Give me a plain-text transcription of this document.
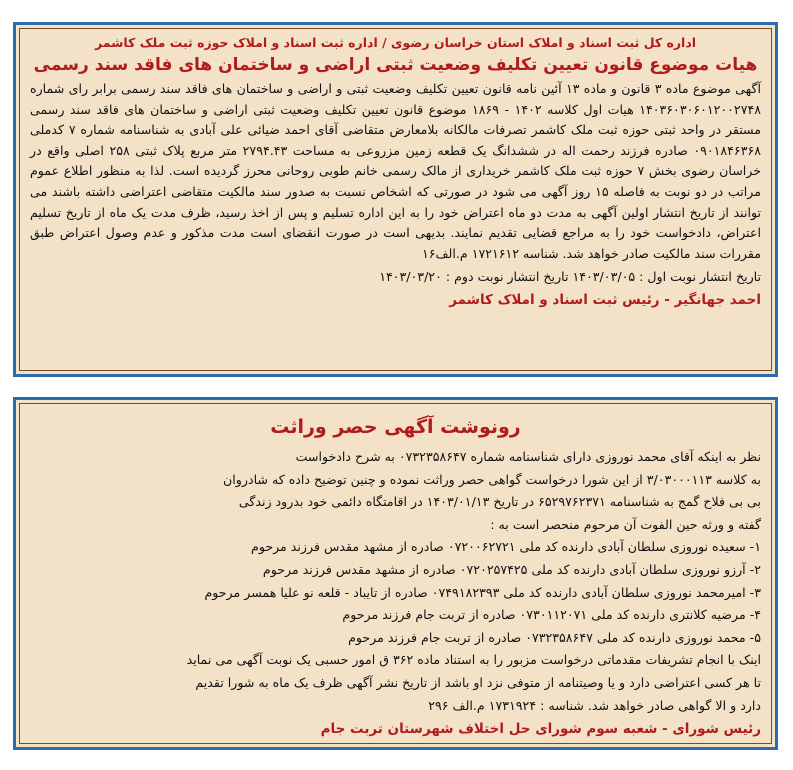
اداره کل ثبت اسناد و املاک استان خراسان رضوی / اداره ثبت اسناد و املاک حوزه ثبت ملک کاشمر
هیات موضوع قانون تعیین تکلیف وضعیت ثبتی اراضی و ساختمان های فاقد سند رسمی

آگهی موضوع ماده ۳ قانون و ماده ۱۳ آئین نامه قانون تعیین تکلیف وضعیت ثبتی و اراضی و ساختمان های فاقد سند رسمی برابر رای شماره ۱۴۰۳۶۰۳۰۶۰۱۲۰۰۲۷۴۸ هیات اول کلاسه ۱۴۰۲ - ۱۸۶۹ موضوع قانون تعیین تکلیف وضعیت ثبتی اراضی و ساختمان های فاقد سند رسمی مستقر در واحد ثبتی حوزه ثبت ملک کاشمر تصرفات مالکانه بلامعارض متقاضی آقای احمد ضیائی علی آبادی به شناسنامه شماره ۷ کدملی ۰۹۰۱۸۴۶۳۶۸ صادره فرزند رحمت اله در ششدانگ یک قطعه زمین مزروعی به مساحت ۲۷۹۴.۴۳ متر مربع پلاک ثبتی ۲۵۸ اصلی واقع در خراسان رضوی بخش ۷ حوزه ثبت ملک کاشمر خریداری از مالک رسمی خانم طوبی روحانی محرز گردیده است. لذا به منظور اطلاع عموم مراتب در دو نوبت به فاصله ۱۵ روز آگهی می شود در صورتی که اشخاص نسبت به صدور سند مالکیت متقاضی اعتراضی داشته باشند می توانند از تاریخ انتشار اولین آگهی به مدت دو ماه اعتراض خود را به این اداره تسلیم و پس از اخذ رسید، ظرف مدت یک ماه از تاریخ تسلیم اعتراض، دادخواست خود را به مراجع قضایی تقدیم نمایند. بدیهی است در صورت انقضای است مدت مذکور و عدم وصول اعتراض طبق مقررات سند مالکیت صادر خواهد شد. شناسه ۱۷۲۱۶۱۲ م.الف۱۶

تاریخ انتشار نوبت اول : ۱۴۰۳/۰۳/۰۵ تاریخ انتشار نوبت دوم : ۱۴۰۳/۰۳/۲۰
احمد جهانگیر - رئیس ثبت اسناد و املاک کاشمر
رونوشت آگهی حصر وراثت
نظر به اینکه آقای محمد نوروزی دارای شناسنامه شماره ۰۷۳۲۳۵۸۶۴۷ به شرح دادخواست
به کلاسه ۳/۰۳۰۰۰۱۱۳ از این شورا درخواست گواهی حصر وراثت نموده و چنین توضیح داده که شادروان
بی بی فلاح گمج به شناسنامه ۶۵۲۹۷۶۲۳۷۱ در تاریخ ۱۴۰۳/۰۱/۱۳ در اقامتگاه دائمی خود بدرود زندگی
گفته و ورثه حین الفوت آن مرحوم منحصر است به :
۱- سعیده نوروزی سلطان آبادی دارنده کد ملی ۰۷۲۰۰۶۲۷۲۱ صادره از مشهد مقدس فرزند مرحوم
۲- آرزو نوروزی سلطان آبادی دارنده کد ملی ۰۷۲۰۲۵۷۴۲۵ صادره از مشهد مقدس فرزند مرحوم
۳- امیرمحمد نوروزی سلطان آبادی دارنده کد ملی ۰۷۴۹۱۸۲۳۹۳ صادره از تایباد - قلعه نو علیا همسر مرحوم
۴- مرضیه کلانتری دارنده کد ملی ۰۷۳۰۱۱۲۰۷۱ صادره از تربت جام فرزند مرحوم
۵- محمد نوروزی دارنده کد ملی ۰۷۳۲۳۵۸۶۴۷ صادره از تربت جام فرزند مرحوم
اینک با انجام تشریفات مقدماتی درخواست مزبور را به استناد ماده ۳۶۲ ق امور حسبی یک نوبت آگهی می نماید
تا هر کسی اعتراضی دارد و یا وصیتنامه از متوفی نزد او باشد از تاریخ نشر آگهی ظرف یک ماه به شورا تقدیم
دارد و الا گواهی صادر خواهد شد. شناسه : ۱۷۳۱۹۲۴ م.الف ۲۹۶
رئیس شورای - شعبه سوم شورای حل اختلاف شهرستان تربت جام
